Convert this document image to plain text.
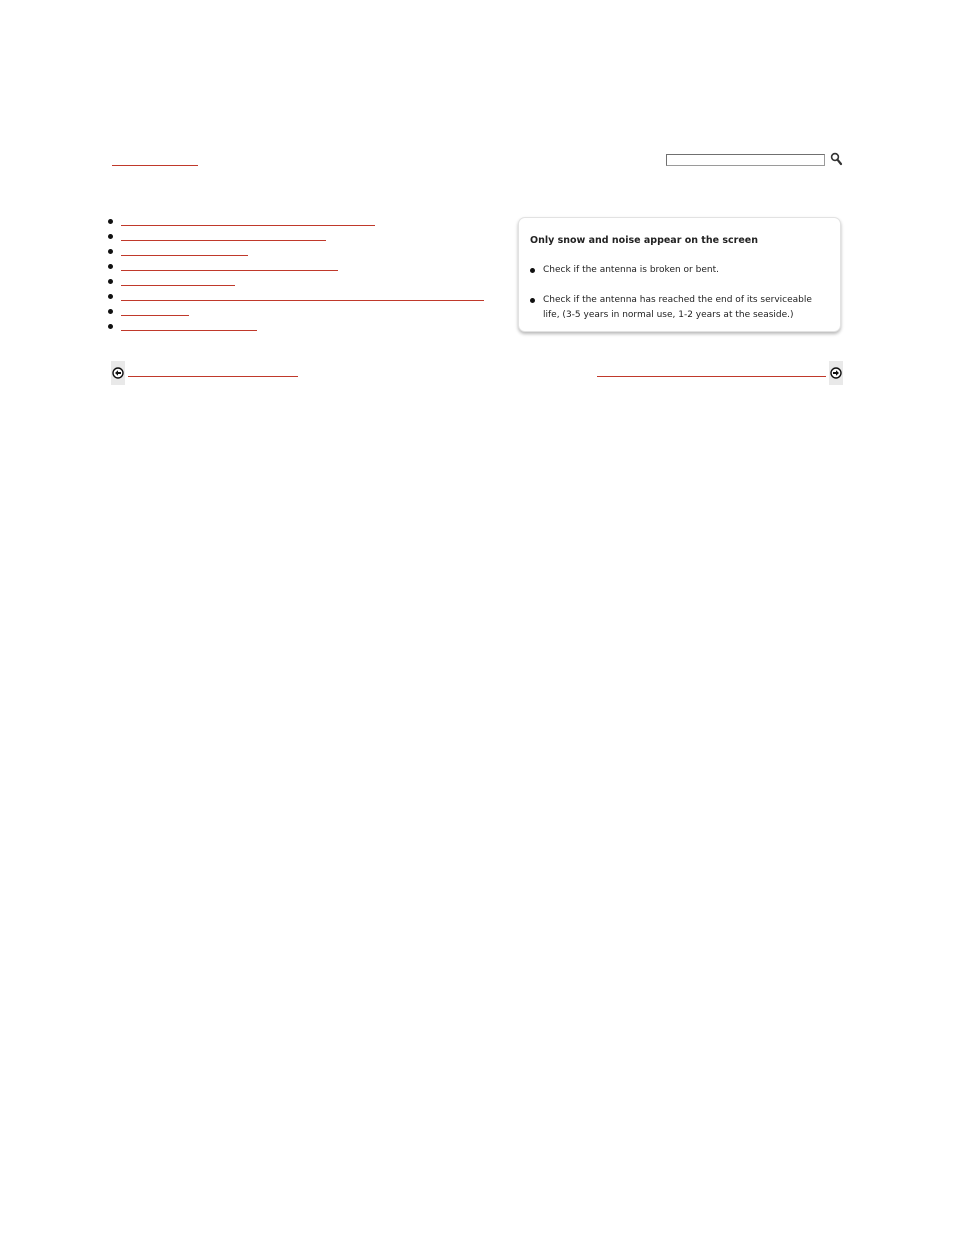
Only snow and noise appear on the screen

Check if the antenna is broken or bent.
Check if the antenna has reached the end of its serviceable life, (3-5 years in normal use, 1-2 years at the seaside.)
